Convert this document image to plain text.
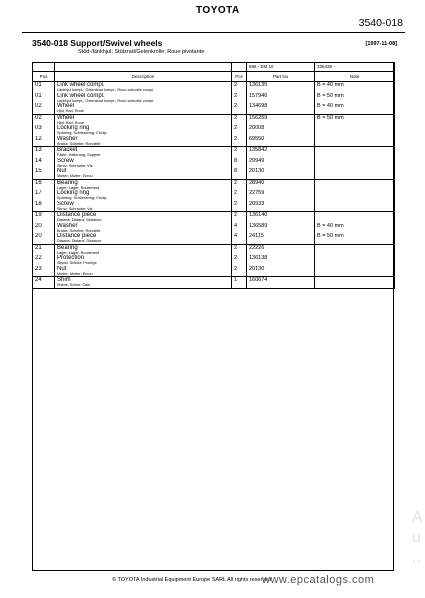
TOYOTA
3540-018
3540-018 Support/Swivel wheels	[1997-11-08]
Stöd-/länkhjul; Stützrad/Gelenkrolle; Roue pivotante
			596 - SM 10	335439 -
Pos	Description	Pcs	Part No	Note
01	Link wheel compl.
Länkhjul kompl.; Gelenkrad kompl.; Roue articulée compl.	2	136135	B = 40 mm
01	Link wheel compl.
Länkhjul kompl.; Gelenkrad kompl.; Roue articulée compl.	2	157946	B = 50 mm
02	Wheel
Hjul; Rad; Roue	2	134698	B = 40 mm
02	Wheel
Hjul; Rad; Roue	2	156259	B = 50 mm
03	Locking ring
Spärring; Schliessring; Circlip	2	20008	
12	Washer
Bricka; Scheibe; Rondelle	2	69550	
13	Bracket
Fäste; Halterung; Support	2	135842	
14	Screw
Skruv; Schraube; Vis	8	29949	
15	Nut
Mutter; Mutter; Ecrou	8	20130	
16	Bearing
Lager; Lager; Roulement	2	28940	
17	Locking ring
Spärring; Schliessring; Circlip	2	22759	
18	Screw
Skruv; Schraube; Vis	2	20933	
19	Distance piece
Distans; Distanz; Distance	2	136140	
20	Washer
Bricka; Scheibe; Rondelle	4	136589	B = 40 mm
20	Distance piece
Distans; Distanz; Distance	4	24115	B = 50 mm
21	Bearing
Lager; Lager; Roulement	2	22226	
22	Protection
Skydd; Schutz; Protège	2	136138	
23	Nut
Mutter; Mutter; Ecrou	2	20130	
24	Shim
Shims; Schim; Cale	1	160674	
© TOYOTA Industrial Equipment Europe SARL All rights reserved
www.epcatalogs.com
A
u
..
